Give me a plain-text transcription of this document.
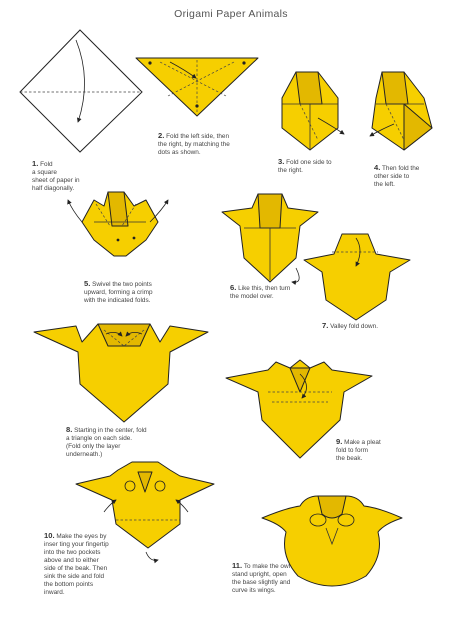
Origami Paper Animals
1. Fold
a square
sheet of paper in
half diagonally.
2. Fold the left side, then
the right, by matching the
dots as shown.
3. Fold one side to
the right.	4. Then fold the
other side to
the left.
5. Swivel the two points
upward, forming a crimp
with the indicated folds.
6. Like this, then turn
the model over.
7. Valley fold down.
8. Starting in the center, fold
a triangle on each side.
(Fold only the layer
underneath.)
9. Make a pleat
fold to form
the beak.
10. Make the eyes by
inser ting your fingertip
into the two pockets
above and to either
side of the beak. Then
sink the side and fold
the bottom points
inward.
11. To make the owl
stand upright, open
the base slightly and
curve its wings.
